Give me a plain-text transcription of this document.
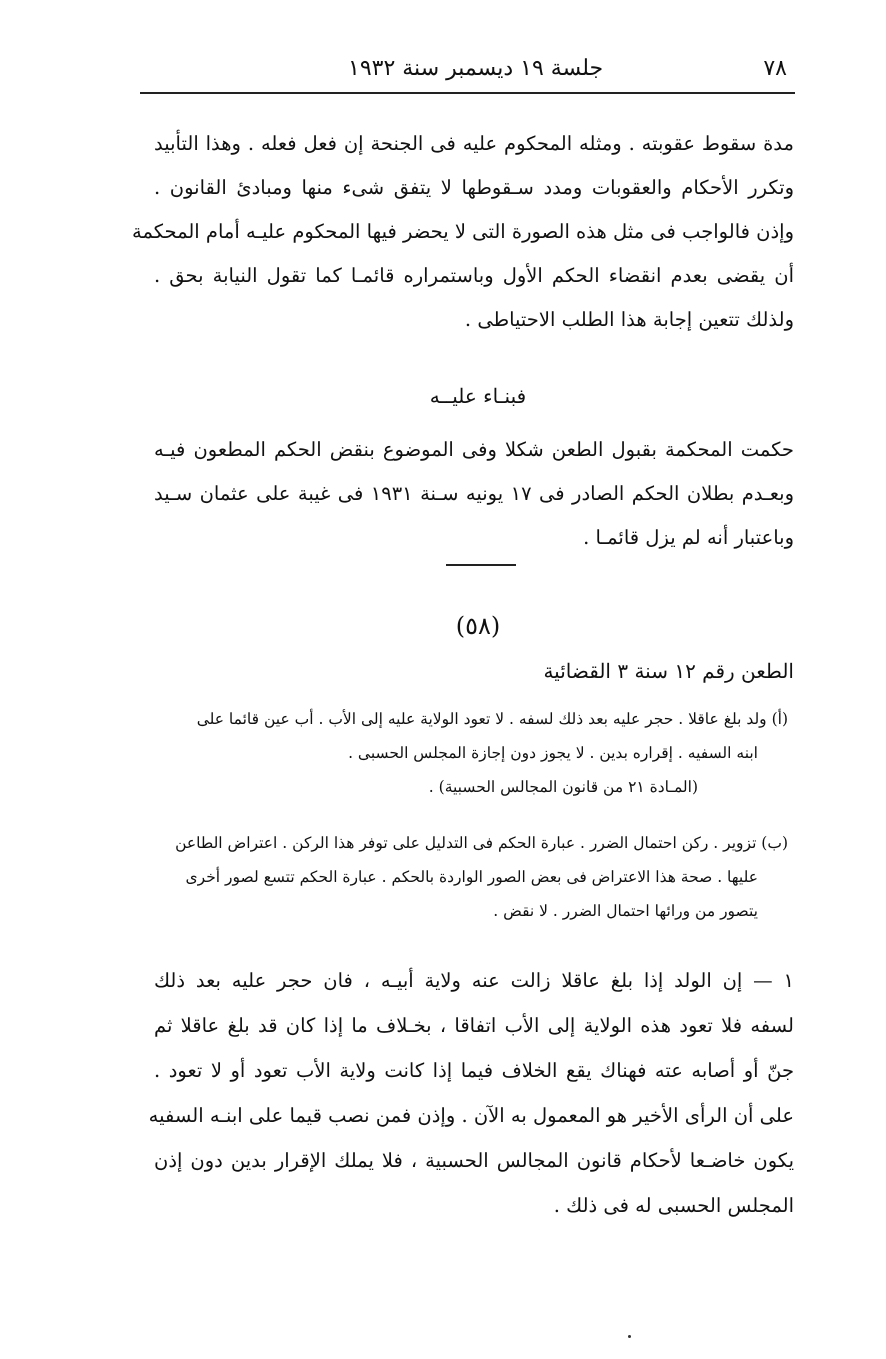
٧٨
جلسة ١٩ ديسمبر سنة ١٩٣٢
مدة سقوط عقوبته . ومثله المحكوم عليه فى الجنحة إن فعل فعله . وهذا التأبيد
وتكرر الأحكام والعقوبات ومدد سـقوطها لا يتفق شىء منها ومبادئ القانون .
وإذن فالواجب فى مثل هذه الصورة التى لا يحضر فيها المحكوم عليـه أمام المحكمة
أن يقضى بعدم انقضاء الحكم الأول وباستمراره قائمـا كما تقول النيابة بحق .
ولذلك تتعين إجابة هذا الطلب الاحتياطى .
فبنـاء عليــه
حكمت المحكمة بقبول الطعن شكلا وفى الموضوع بنقض الحكم المطعون فيـه
وبعـدم بطلان الحكم الصادر فى ١٧ يونيه سـنة ١٩٣١ فى غيبة على عثمان سـيد
وباعتبار أنه لم يزل قائمـا .
(٥٨)
الطعن رقم ١٢ سنة ٣ القضائية
(أ) ولد بلغ عاقلا . حجر عليه بعد ذلك لسفه . لا تعود الولاية عليه إلى الأب . أب عين قائما على
ابنه السفيه . إقراره بدين . لا يجوز دون إجازة المجلس الحسبى .
(المـادة ٢١ من قانون المجالس الحسبية) .
(ب) تزوير . ركن احتمال الضرر . عبارة الحكم فى التدليل على توفر هذا الركن . اعتراض الطاعن
عليها . صحة هذا الاعتراض فى بعض الصور الواردة بالحكم . عبارة الحكم تتسع لصور أخرى
يتصور من ورائها احتمال الضرر . لا نقض .
١ — إن الولد إذا بلغ عاقلا زالت عنه ولاية أبيـه ، فان حجر عليه بعد ذلك
لسفه فلا تعود هذه الولاية إلى الأب اتفاقا ، بخـلاف ما إذا كان قد بلغ عاقلا ثم
جنّ أو أصابه عته فهناك يقع الخلاف فيما إذا كانت ولاية الأب تعود أو لا تعود .
على أن الرأى الأخير هو المعمول به الآن . وإذن فمن نصب قيما على ابنـه السفيه
يكون خاضـعا لأحكام قانون المجالس الحسبية ، فلا يملك الإقرار بدين دون إذن
المجلس الحسبى له فى ذلك .
